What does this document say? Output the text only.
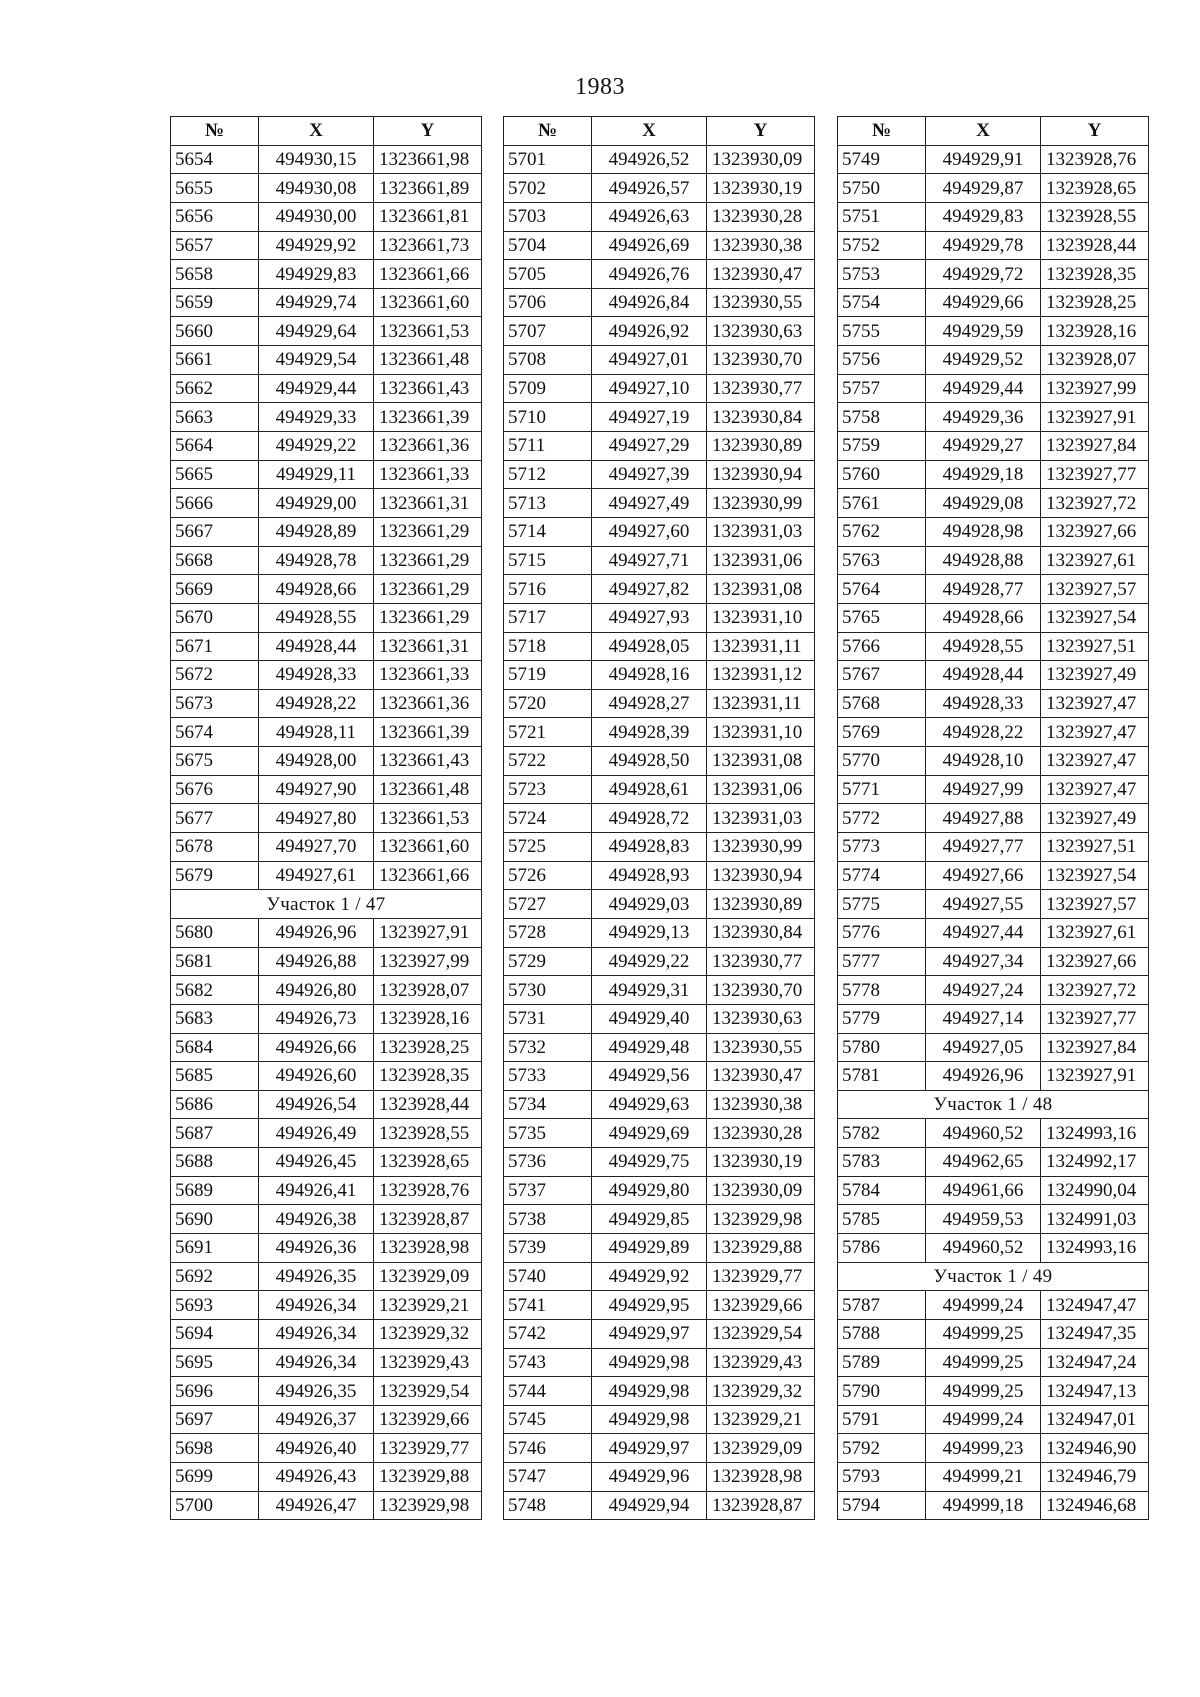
1983
№	X	Y
5654	494930,15	1323661,98
5655	494930,08	1323661,89
5656	494930,00	1323661,81
5657	494929,92	1323661,73
5658	494929,83	1323661,66
5659	494929,74	1323661,60
5660	494929,64	1323661,53
5661	494929,54	1323661,48
5662	494929,44	1323661,43
5663	494929,33	1323661,39
5664	494929,22	1323661,36
5665	494929,11	1323661,33
5666	494929,00	1323661,31
5667	494928,89	1323661,29
5668	494928,78	1323661,29
5669	494928,66	1323661,29
5670	494928,55	1323661,29
5671	494928,44	1323661,31
5672	494928,33	1323661,33
5673	494928,22	1323661,36
5674	494928,11	1323661,39
5675	494928,00	1323661,43
5676	494927,90	1323661,48
5677	494927,80	1323661,53
5678	494927,70	1323661,60
5679	494927,61	1323661,66
Участок 1 / 47		
5680	494926,96	1323927,91
5681	494926,88	1323927,99
5682	494926,80	1323928,07
5683	494926,73	1323928,16
5684	494926,66	1323928,25
5685	494926,60	1323928,35
5686	494926,54	1323928,44
5687	494926,49	1323928,55
5688	494926,45	1323928,65
5689	494926,41	1323928,76
5690	494926,38	1323928,87
5691	494926,36	1323928,98
5692	494926,35	1323929,09
5693	494926,34	1323929,21
5694	494926,34	1323929,32
5695	494926,34	1323929,43
5696	494926,35	1323929,54
5697	494926,37	1323929,66
5698	494926,40	1323929,77
5699	494926,43	1323929,88
5700	494926,47	1323929,98
№	X	Y
5701	494926,52	1323930,09
5702	494926,57	1323930,19
5703	494926,63	1323930,28
5704	494926,69	1323930,38
5705	494926,76	1323930,47
5706	494926,84	1323930,55
5707	494926,92	1323930,63
5708	494927,01	1323930,70
5709	494927,10	1323930,77
5710	494927,19	1323930,84
5711	494927,29	1323930,89
5712	494927,39	1323930,94
5713	494927,49	1323930,99
5714	494927,60	1323931,03
5715	494927,71	1323931,06
5716	494927,82	1323931,08
5717	494927,93	1323931,10
5718	494928,05	1323931,11
5719	494928,16	1323931,12
5720	494928,27	1323931,11
5721	494928,39	1323931,10
5722	494928,50	1323931,08
5723	494928,61	1323931,06
5724	494928,72	1323931,03
5725	494928,83	1323930,99
5726	494928,93	1323930,94
5727	494929,03	1323930,89
5728	494929,13	1323930,84
5729	494929,22	1323930,77
5730	494929,31	1323930,70
5731	494929,40	1323930,63
5732	494929,48	1323930,55
5733	494929,56	1323930,47
5734	494929,63	1323930,38
5735	494929,69	1323930,28
5736	494929,75	1323930,19
5737	494929,80	1323930,09
5738	494929,85	1323929,98
5739	494929,89	1323929,88
5740	494929,92	1323929,77
5741	494929,95	1323929,66
5742	494929,97	1323929,54
5743	494929,98	1323929,43
5744	494929,98	1323929,32
5745	494929,98	1323929,21
5746	494929,97	1323929,09
5747	494929,96	1323928,98
5748	494929,94	1323928,87
№	X	Y
5749	494929,91	1323928,76
5750	494929,87	1323928,65
5751	494929,83	1323928,55
5752	494929,78	1323928,44
5753	494929,72	1323928,35
5754	494929,66	1323928,25
5755	494929,59	1323928,16
5756	494929,52	1323928,07
5757	494929,44	1323927,99
5758	494929,36	1323927,91
5759	494929,27	1323927,84
5760	494929,18	1323927,77
5761	494929,08	1323927,72
5762	494928,98	1323927,66
5763	494928,88	1323927,61
5764	494928,77	1323927,57
5765	494928,66	1323927,54
5766	494928,55	1323927,51
5767	494928,44	1323927,49
5768	494928,33	1323927,47
5769	494928,22	1323927,47
5770	494928,10	1323927,47
5771	494927,99	1323927,47
5772	494927,88	1323927,49
5773	494927,77	1323927,51
5774	494927,66	1323927,54
5775	494927,55	1323927,57
5776	494927,44	1323927,61
5777	494927,34	1323927,66
5778	494927,24	1323927,72
5779	494927,14	1323927,77
5780	494927,05	1323927,84
5781	494926,96	1323927,91
Участок 1 / 48		
5782	494960,52	1324993,16
5783	494962,65	1324992,17
5784	494961,66	1324990,04
5785	494959,53	1324991,03
5786	494960,52	1324993,16
Участок 1 / 49		
5787	494999,24	1324947,47
5788	494999,25	1324947,35
5789	494999,25	1324947,24
5790	494999,25	1324947,13
5791	494999,24	1324947,01
5792	494999,23	1324946,90
5793	494999,21	1324946,79
5794	494999,18	1324946,68
